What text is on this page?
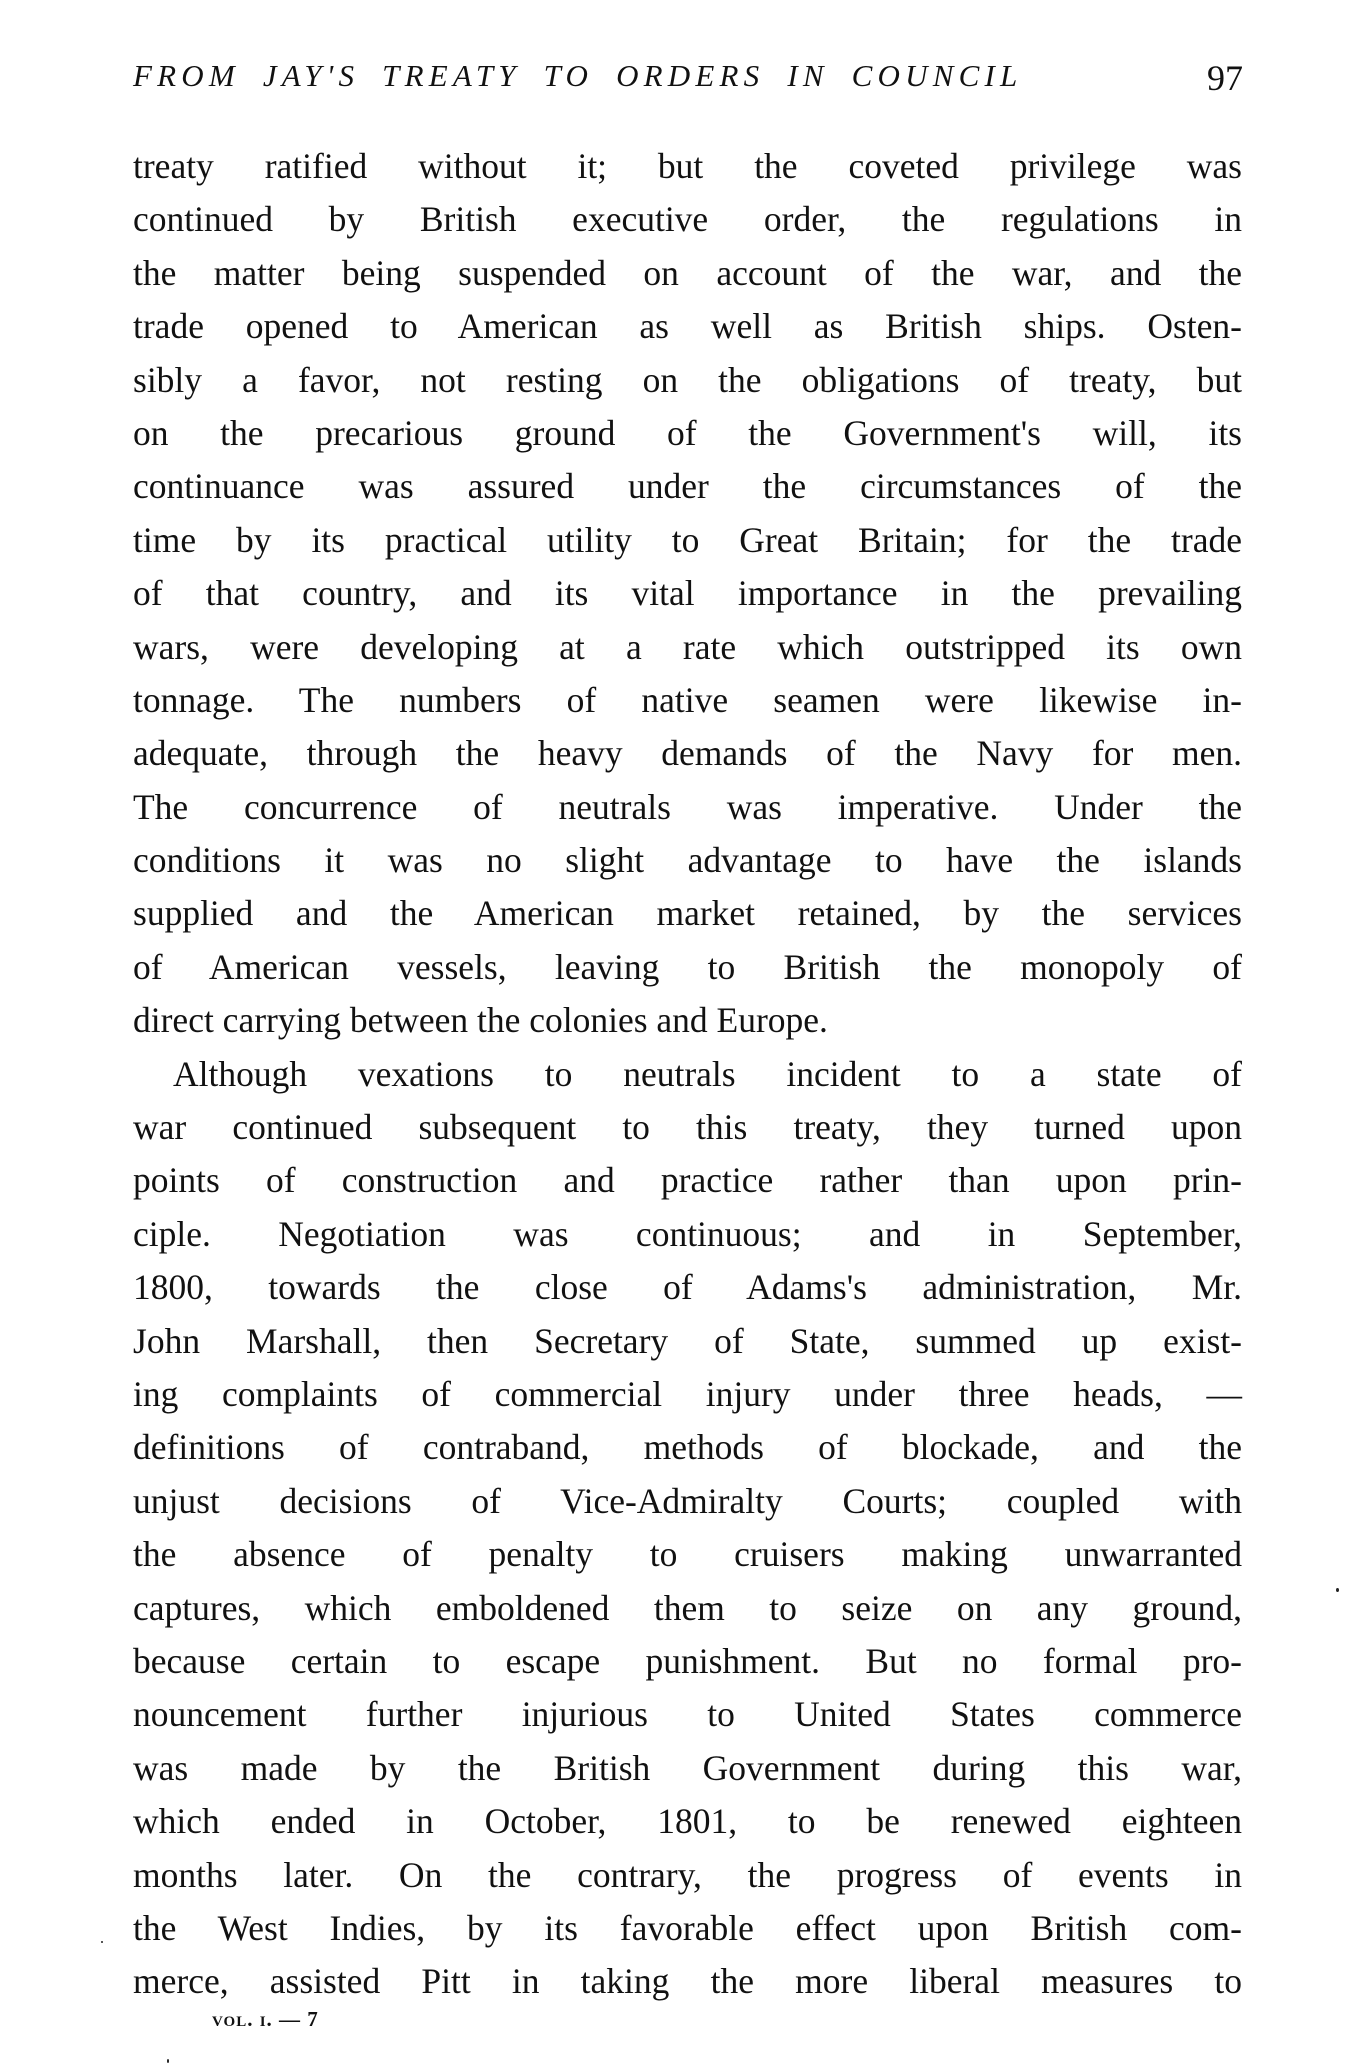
FROM JAY'S TREATY TO ORDERS IN COUNCIL	97
treaty ratified without it; but the coveted privilege was
continued by British executive order, the regulations in
the matter being suspended on account of the war, and the
trade opened to American as well as British ships. Osten-
sibly a favor, not resting on the obligations of treaty, but
on the precarious ground of the Government's will, its
continuance was assured under the circumstances of the
time by its practical utility to Great Britain; for the trade
of that country, and its vital importance in the prevailing
wars, were developing at a rate which outstripped its own
tonnage. The numbers of native seamen were likewise in-
adequate, through the heavy demands of the Navy for men.
The concurrence of neutrals was imperative. Under the
conditions it was no slight advantage to have the islands
supplied and the American market retained, by the services
of American vessels, leaving to British the monopoly of
direct carrying between the colonies and Europe.
Although vexations to neutrals incident to a state of
war continued subsequent to this treaty, they turned upon
points of construction and practice rather than upon prin-
ciple. Negotiation was continuous; and in September,
1800, towards the close of Adams's administration, Mr.
John Marshall, then Secretary of State, summed up exist-
ing complaints of commercial injury under three heads, —
definitions of contraband, methods of blockade, and the
unjust decisions of Vice-Admiralty Courts; coupled with
the absence of penalty to cruisers making unwarranted
captures, which emboldened them to seize on any ground,
because certain to escape punishment. But no formal pro-
nouncement further injurious to United States commerce
was made by the British Government during this war,
which ended in October, 1801, to be renewed eighteen
months later. On the contrary, the progress of events in
the West Indies, by its favorable effect upon British com-
merce, assisted Pitt in taking the more liberal measures to
vol. i. — 7
